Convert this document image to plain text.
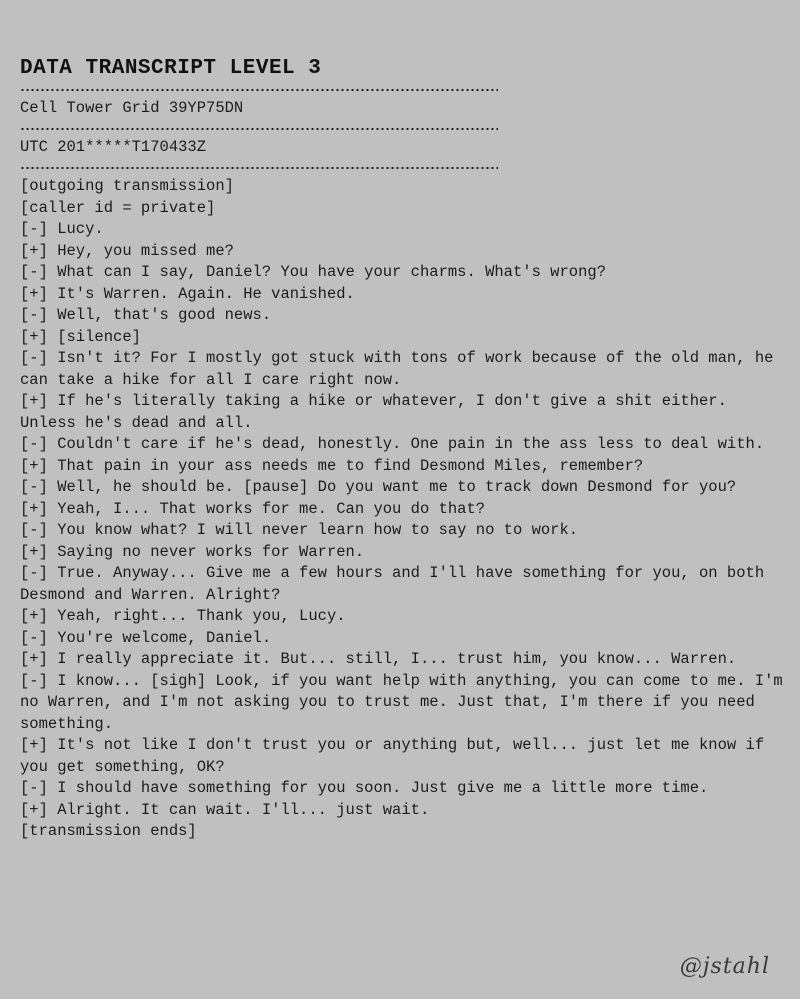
DATA TRANSCRIPT LEVEL 3
Cell Tower Grid 39YP75DN
UTC 201*****T170433Z
[outgoing transmission]
[caller id = private]
[-] Lucy.
[+] Hey, you missed me?
[-] What can I say, Daniel? You have your charms. What's wrong?
[+] It's Warren. Again. He vanished.
[-] Well, that's good news.
[+] [silence]
[-] Isn't it? For I mostly got stuck with tons of work because of the old man, he can take a hike for all I care right now.
[+] If he's literally taking a hike or whatever, I don't give a shit either. Unless he's dead and all.
[-] Couldn't care if he's dead, honestly. One pain in the ass less to deal with.
[+] That pain in your ass needs me to find Desmond Miles, remember?
[-] Well, he should be. [pause] Do you want me to track down Desmond for you?
[+] Yeah, I... That works for me. Can you do that?
[-] You know what? I will never learn how to say no to work.
[+] Saying no never works for Warren.
[-] True. Anyway... Give me a few hours and I'll have something for you, on both Desmond and Warren. Alright?
[+] Yeah, right... Thank you, Lucy.
[-] You're welcome, Daniel.
[+] I really appreciate it. But... still, I... trust him, you know... Warren.
[-] I know... [sigh] Look, if you want help with anything, you can come to me. I'm no Warren, and I'm not asking you to trust me. Just that, I'm there if you need something.
[+] It's not like I don't trust you or anything but, well... just let me know if you get something, OK?
[-] I should have something for you soon. Just give me a little more time.
[+] Alright. It can wait. I'll... just wait.
[transmission ends]
@jstahl
